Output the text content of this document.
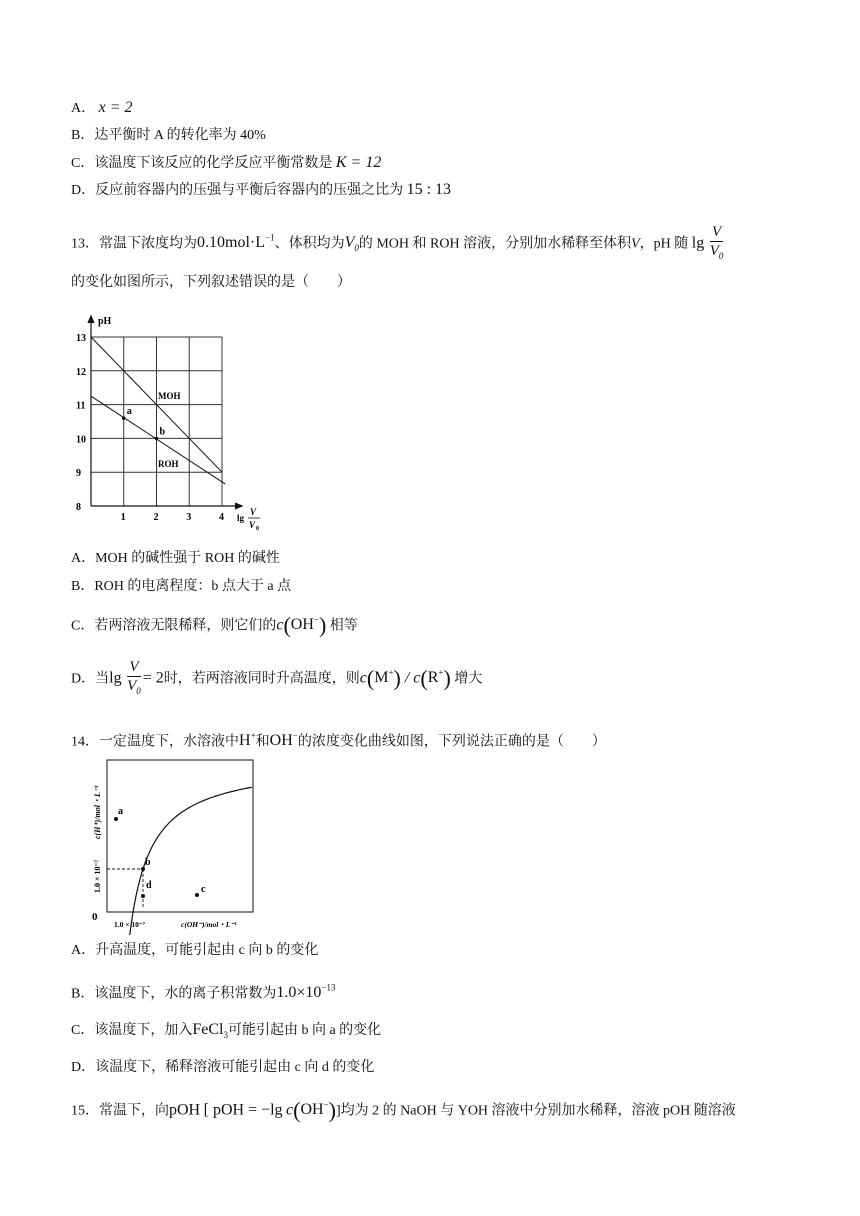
A． x = 2
B．达平衡时 A 的转化率为 40%
C．该温度下该反应的化学反应平衡常数是 K = 12
D．反应前容器内的压强与平衡后容器内的压强之比为 15 : 13
13．常温下浓度均为$0.10mol\cdot L^{-1}$、体积均为$V_0$的 MOH 和 ROH 溶液，分别加水稀释至体积V，pH 随 $\lg \frac{V}{V_0}$
的变化如图所示，下列叙述错误的是（　　）
8
9
10
11
12
13
1	2	3	4
a
b
pH
MOH
ROH
lg
V
V 0
A．MOH 的碱性强于 ROH 的碱性
B．ROH 的电离程度：b 点大于 a 点
C．若两溶液无限稀释，则它们的c(OH−) 相等
D．当$\lg \frac{V}{V_0} = 2$时，若两溶液同时升高温度，则c(M+) / c(R+) 增大
14．一定温度下，水溶液中H+和OH−的浓度变化曲线如图，下列说法正确的是（　　）
a
b
c
d
0
1.0 × 10⁻⁷	c(OH⁻)/mol・L⁻¹
1.0 × 10⁻⁷
c(H⁺)/mol・L⁻¹
A．升高温度，可能引起由 c 向 b 的变化
B．该温度下，水的离子积常数为$1.0\times 10^{-13}$
C．该温度下，加入FeCl$_3$可能引起由 b 向 a 的变化
D．该温度下，稀释溶液可能引起由 c 向 d 的变化
15．常温下，向pOH [ pOH = −lg c(OH−)]均为 2 的 NaOH 与 YOH 溶液中分别加水稀释，溶液 pOH 随溶液
